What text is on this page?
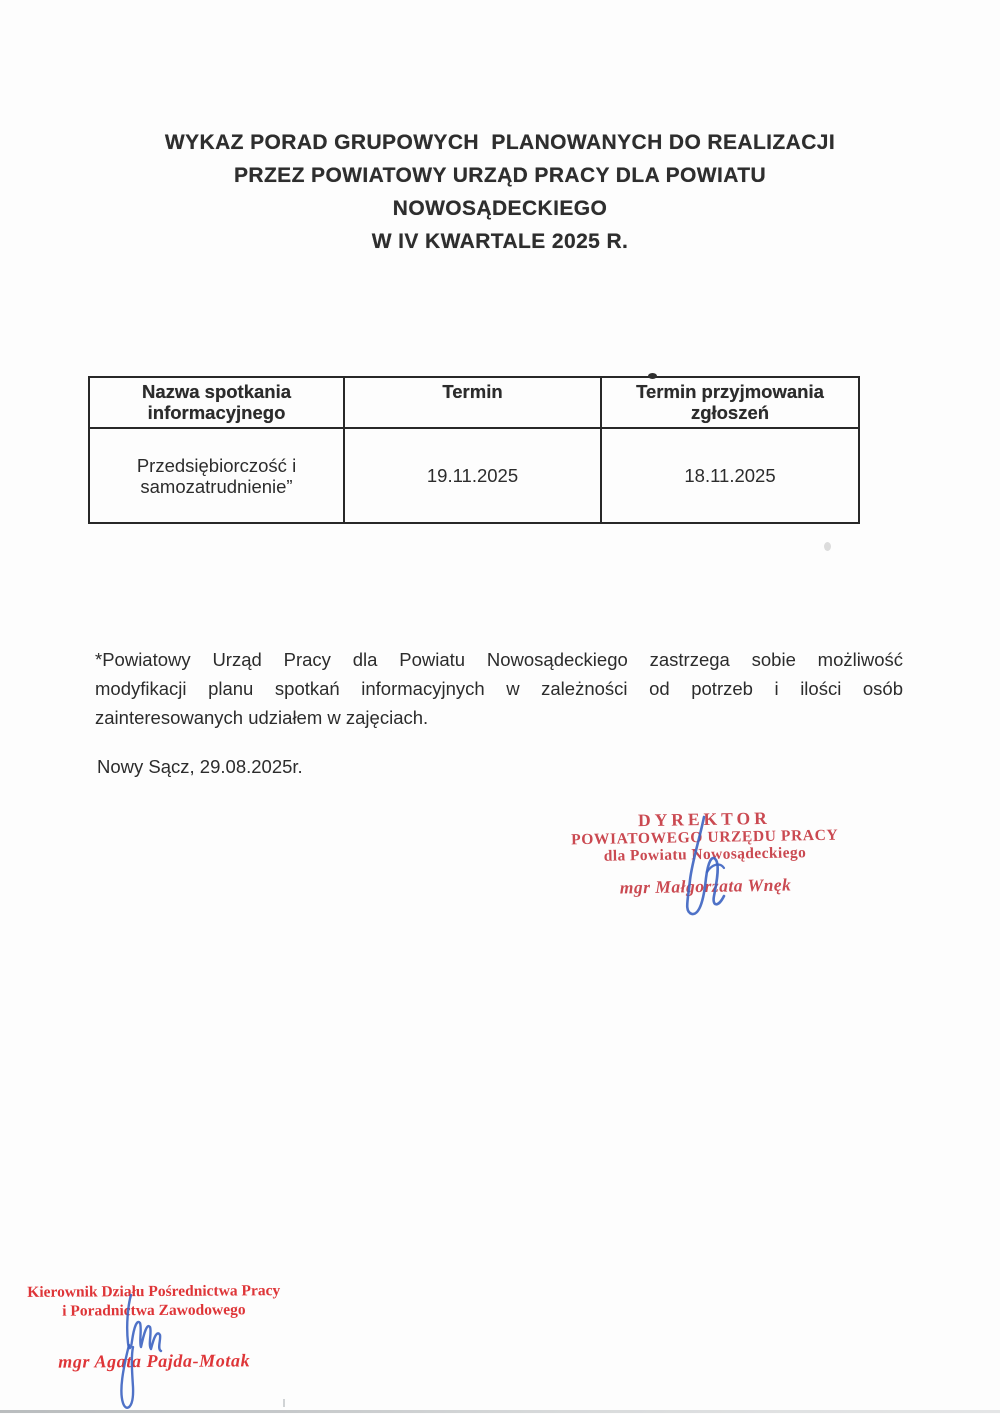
WYKAZ PORAD GRUPOWYCH  PLANOWANYCH DO REALIZACJI
PRZEZ POWIATOWY URZĄD PRACY DLA POWIATU
NOWOSĄDECKIEGO
W IV KWARTALE 2025 R.
Nazwa spotkania informacyjnego	Termin	Termin przyjmowania zgłoszeń
Przedsiębiorczość i samozatrudnienie”	19.11.2025	18.11.2025
*Powiatowy Urząd Pracy dla Powiatu Nowosądeckiego zastrzega sobie możliwość
modyfikacji planu spotkań informacyjnych w zależności od potrzeb i ilości osób
zainteresowanych udziałem w zajęciach.
Nowy Sącz, 29.08.2025r.
DYREKTOR
POWIATOWEGO URZĘDU PRACY
dla Powiatu Nowosądeckiego
mgr Małgorzata Wnęk
Kierownik Działu Pośrednictwa Pracy
i Poradnictwa Zawodowego
mgr Agata Pajda-Motak
